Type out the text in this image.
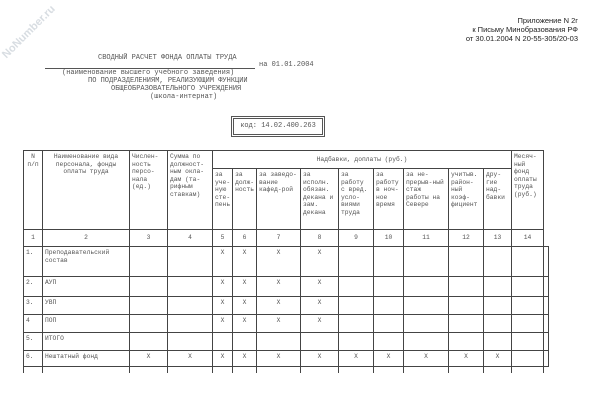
NoNumber.ru	Приложение N 2г
к Письму Минобразования РФ
от 30.01.2004 N 20-55-305/20-03
СВОДНЫЙ РАСЧЕТ ФОНДА ОПЛАТЫ ТРУДА
на 01.01.2004
(наименование высшего учебного заведения)
ПО ПОДРАЗДЕЛЕНИЯМ, РЕАЛИЗУЮЩИМ ФУНКЦИИ
ОБЩЕОБРАЗОВАТЕЛЬНОГО УЧРЕЖДЕНИЯ
(школа-интернат)
код: 14.02.400.263
N п/п	Наименование вида персонала, фонды оплаты труда	Числен-ность персо-нала (ед.)	Сумма по должност-ным окла-дам (та-рифным ставкам)	Надбавки, доплаты (руб.)									Месяч-ный фонд оплаты труда (руб.)	
				за уче-ную сте-пень	за долж-ность	за заведо-вание кафед-рой	за исполн. обязан. декана и зам. декана	за работу с вред. усло-виями труда	за работу в ноч-ное время	за не-прерыв-ный стаж работы на Севере	учитыв. район-ный коэф-фициент	дру-гие над-бавки		
1	2	3	4	5	6	7	8	9	10	11	12	13	14	
1.	Преподавательский состав			X	X	X	X							
2.	АУП			X	X	X	X							
3.	УВП			X	X	X	X							
4	ПОП			X	X	X	X							
5.	ИТОГО													
6.	Нештатный фонд	X	X	X	X	X	X	X	X	X	X	X		
